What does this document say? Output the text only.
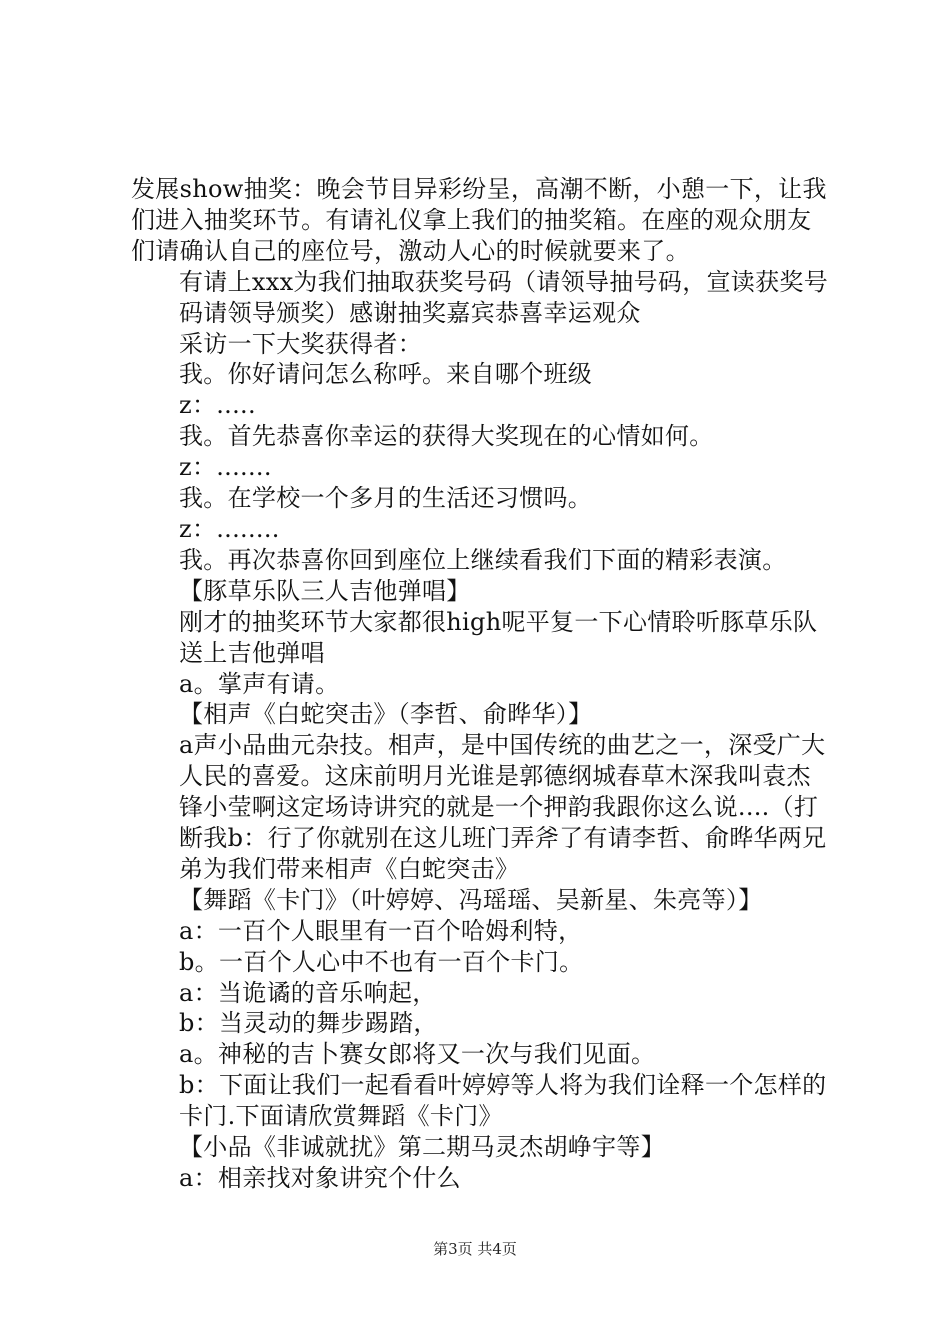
发展show抽奖：晚会节目异彩纷呈，高潮不断，小憩一下，让我们进入抽奖环节。有请礼仪拿上我们的抽奖箱。在座的观众朋友们请确认自己的座位号，激动人心的时候就要来了。

有请上xxx为我们抽取获奖号码（请领导抽号码，宣读获奖号码请领导颁奖）感谢抽奖嘉宾恭喜幸运观众

采访一下大奖获得者：

我。你好请问怎么称呼。来自哪个班级

z：.....

我。首先恭喜你幸运的获得大奖现在的心情如何。

z：.......

我。在学校一个多月的生活还习惯吗。

z：........

我。再次恭喜你回到座位上继续看我们下面的精彩表演。

【豚草乐队三人吉他弹唱】

刚才的抽奖环节大家都很high呢平复一下心情聆听豚草乐队送上吉他弹唱

a。掌声有请。

【相声《白蛇突击》（李哲、俞晔华）】

a声小品曲元杂技。相声，是中国传统的曲艺之一，深受广大人民的喜爱。这床前明月光谁是郭德纲城春草木深我叫袁杰锋小莹啊这定场诗讲究的就是一个押韵我跟你这么说....（打断我b：行了你就别在这儿班门弄斧了有请李哲、俞晔华两兄弟为我们带来相声《白蛇突击》

【舞蹈《卡门》（叶婷婷、冯瑶瑶、吴新星、朱亮等）】

a：一百个人眼里有一百个哈姆利特，

b。一百个人心中不也有一百个卡门。

a：当诡谲的音乐响起，

b：当灵动的舞步踢踏，

a。神秘的吉卜赛女郎将又一次与我们见面。

b：下面让我们一起看看叶婷婷等人将为我们诠释一个怎样的卡门.下面请欣赏舞蹈《卡门》

【小品《非诚就扰》第二期马灵杰胡峥宇等】

a：相亲找对象讲究个什么

第3页 共4页
